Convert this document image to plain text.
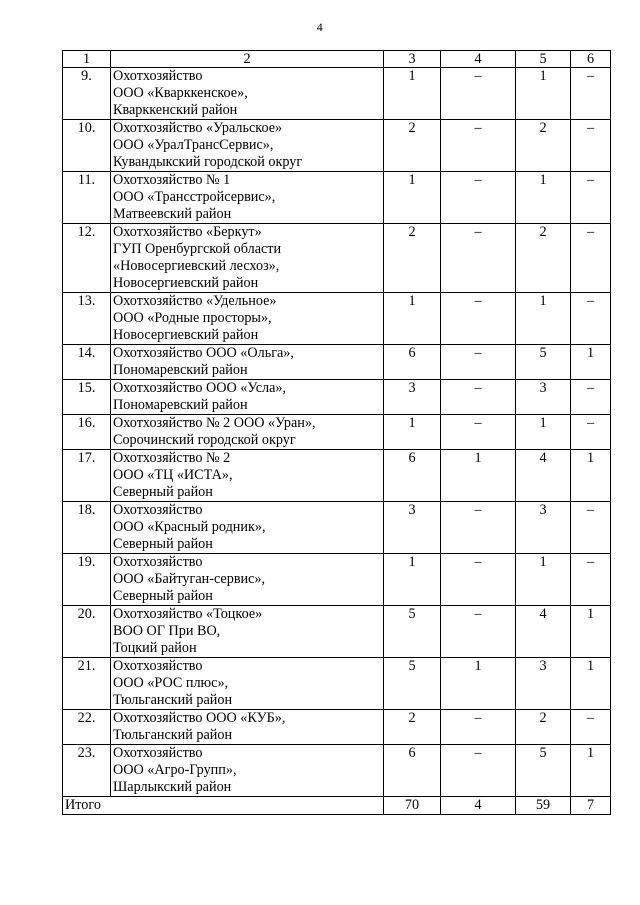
4
1	2	3	4	5	6
9.	Охотхозяйство
ООО «Кварккенское»,
Кварккенский район	1	–	1	–
10.	Охотхозяйство «Уральское»
ООО «УралТрансСервис»,
Кувандыкский городской округ	2	–	2	–
11.	Охотхозяйство № 1
ООО «Трансстройсервис»,
Матвеевский район	1	–	1	–
12.	Охотхозяйство «Беркут»
ГУП Оренбургской области
«Новосергиевский лесхоз»,
Новосергиевский район	2	–	2	–
13.	Охотхозяйство «Удельное»
ООО «Родные просторы»,
Новосергиевский район	1	–	1	–
14.	Охотхозяйство ООО «Ольга»,
Пономаревский район	6	–	5	1
15.	Охотхозяйство ООО «Усла»,
Пономаревский район	3	–	3	–
16.	Охотхозяйство № 2 ООО «Уран»,
Сорочинский городской округ	1	–	1	–
17.	Охотхозяйство № 2
ООО «ТЦ «ИСТА»,
Северный район	6	1	4	1
18.	Охотхозяйство
ООО «Красный родник»,
Северный район	3	–	3	–
19.	Охотхозяйство
ООО «Байтуган-сервис»,
Северный район	1	–	1	–
20.	Охотхозяйство «Тоцкое»
ВОО ОГ При ВО,
Тоцкий район	5	–	4	1
21.	Охотхозяйство
ООО «РОС плюс»,
Тюльганский район	5	1	3	1
22.	Охотхозяйство ООО «КУБ»,
Тюльганский район	2	–	2	–
23.	Охотхозяйство
ООО «Агро-Групп»,
Шарлыкский район	6	–	5	1
Итого		70	4	59	7
